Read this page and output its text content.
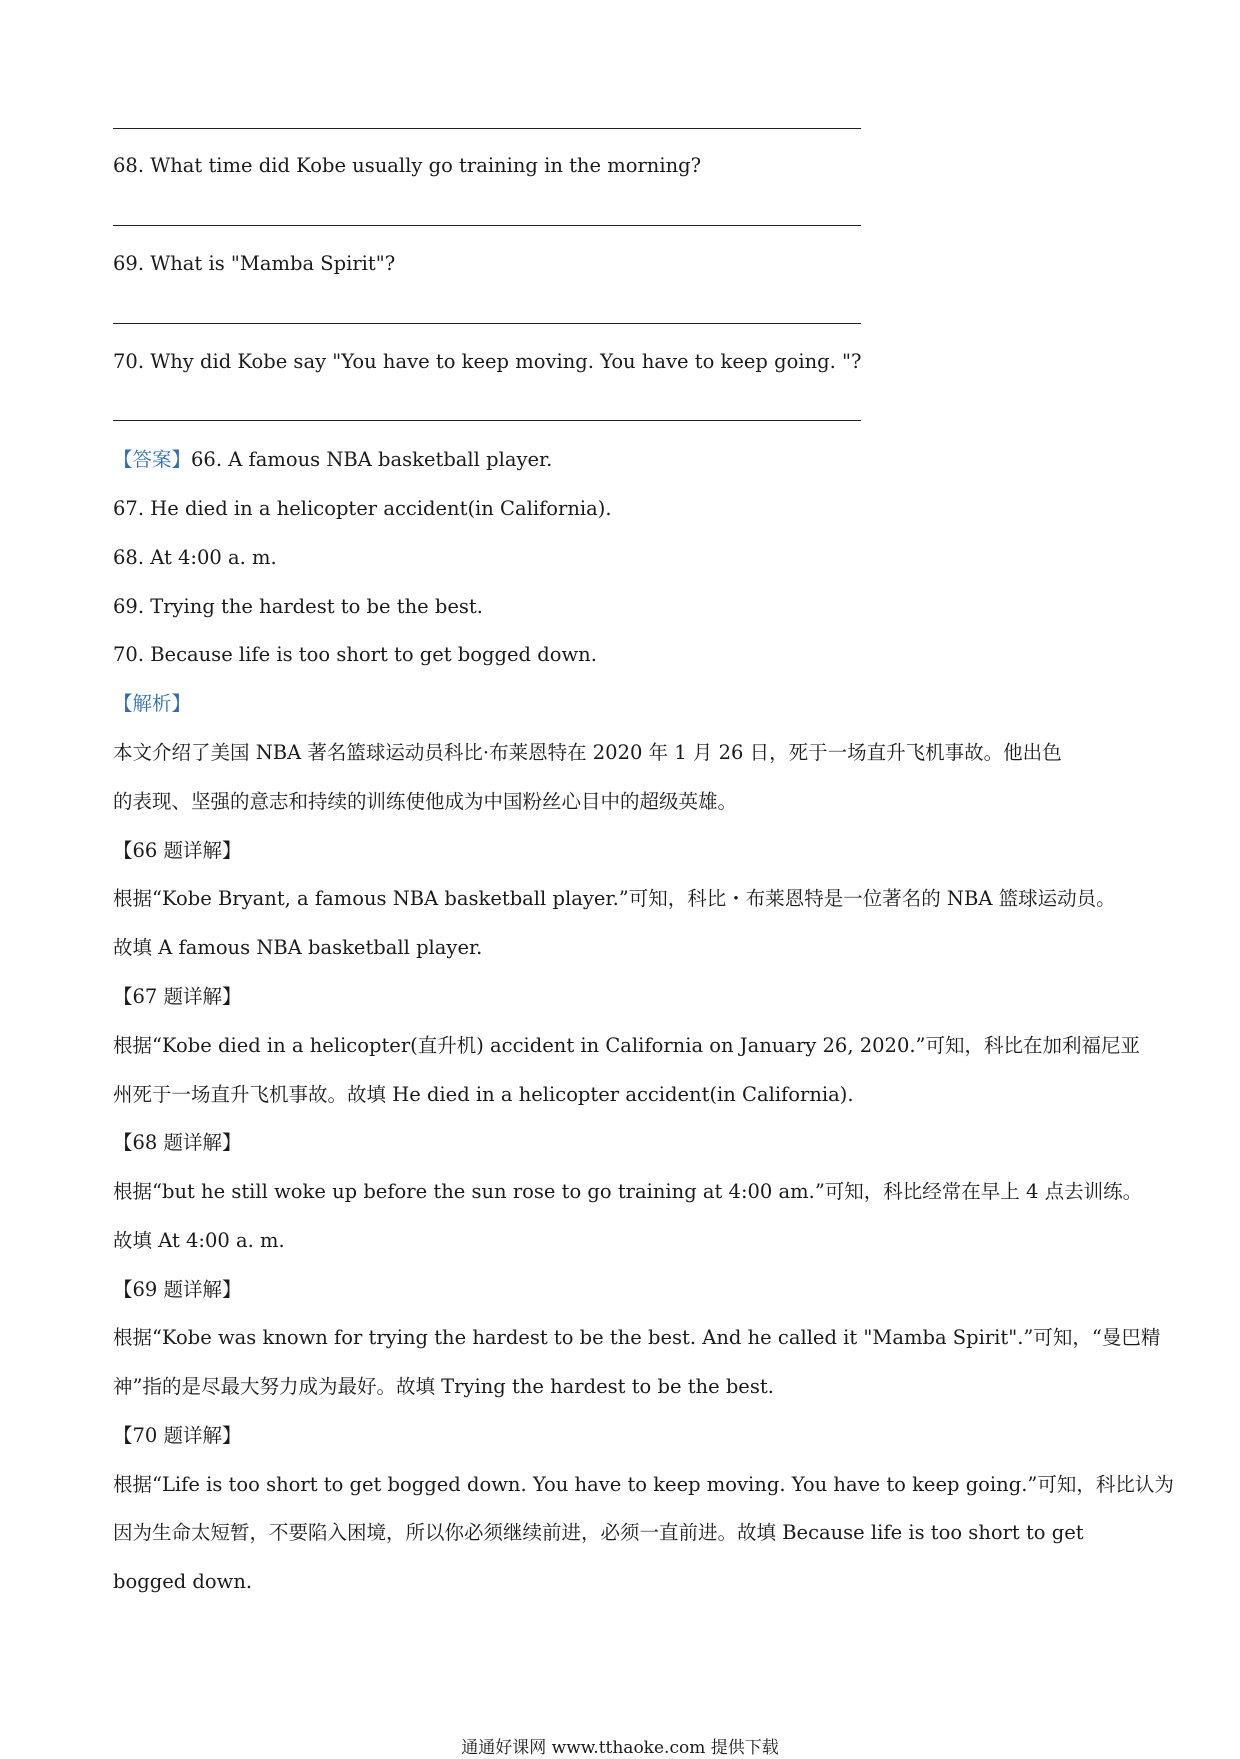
68. What time did Kobe usually go training in the morning?
69. What is "Mamba Spirit"?
70. Why did Kobe say "You have to keep moving. You have to keep going. "?
【答案】66. A famous NBA basketball player.
67. He died in a helicopter accident(in California).
68. At 4:00 a. m.
69. Trying the hardest to be the best.
70. Because life is too short to get bogged down.
【解析】
本文介绍了美国 NBA 著名篮球运动员科比·布莱恩特在 2020 年 1 月 26 日，死于一场直升飞机事故。他出色
的表现、坚强的意志和持续的训练使他成为中国粉丝心目中的超级英雄。
【66 题详解】
根据“Kobe Bryant, a famous NBA basketball player.”可知，科比・布莱恩特是一位著名的 NBA 篮球运动员。
故填 A famous NBA basketball player.
【67 题详解】
根据“Kobe died in a helicopter(直升机) accident in California on January 26, 2020.”可知，科比在加利福尼亚
州死于一场直升飞机事故。故填 He died in a helicopter accident(in California).
【68 题详解】
根据“but he still woke up before the sun rose to go training at 4:00 am.”可知，科比经常在早上 4 点去训练。
故填 At 4:00 a. m.
【69 题详解】
根据“Kobe was known for trying the hardest to be the best. And he called it "Mamba Spirit".”可知，“曼巴精
神”指的是尽最大努力成为最好。故填 Trying the hardest to be the best.
【70 题详解】
根据“Life is too short to get bogged down. You have to keep moving. You have to keep going.”可知，科比认为
因为生命太短暂，不要陷入困境，所以你必须继续前进，必须一直前进。故填 Because life is too short to get
bogged down.
通通好课网 www.tthaoke.com 提供下载
